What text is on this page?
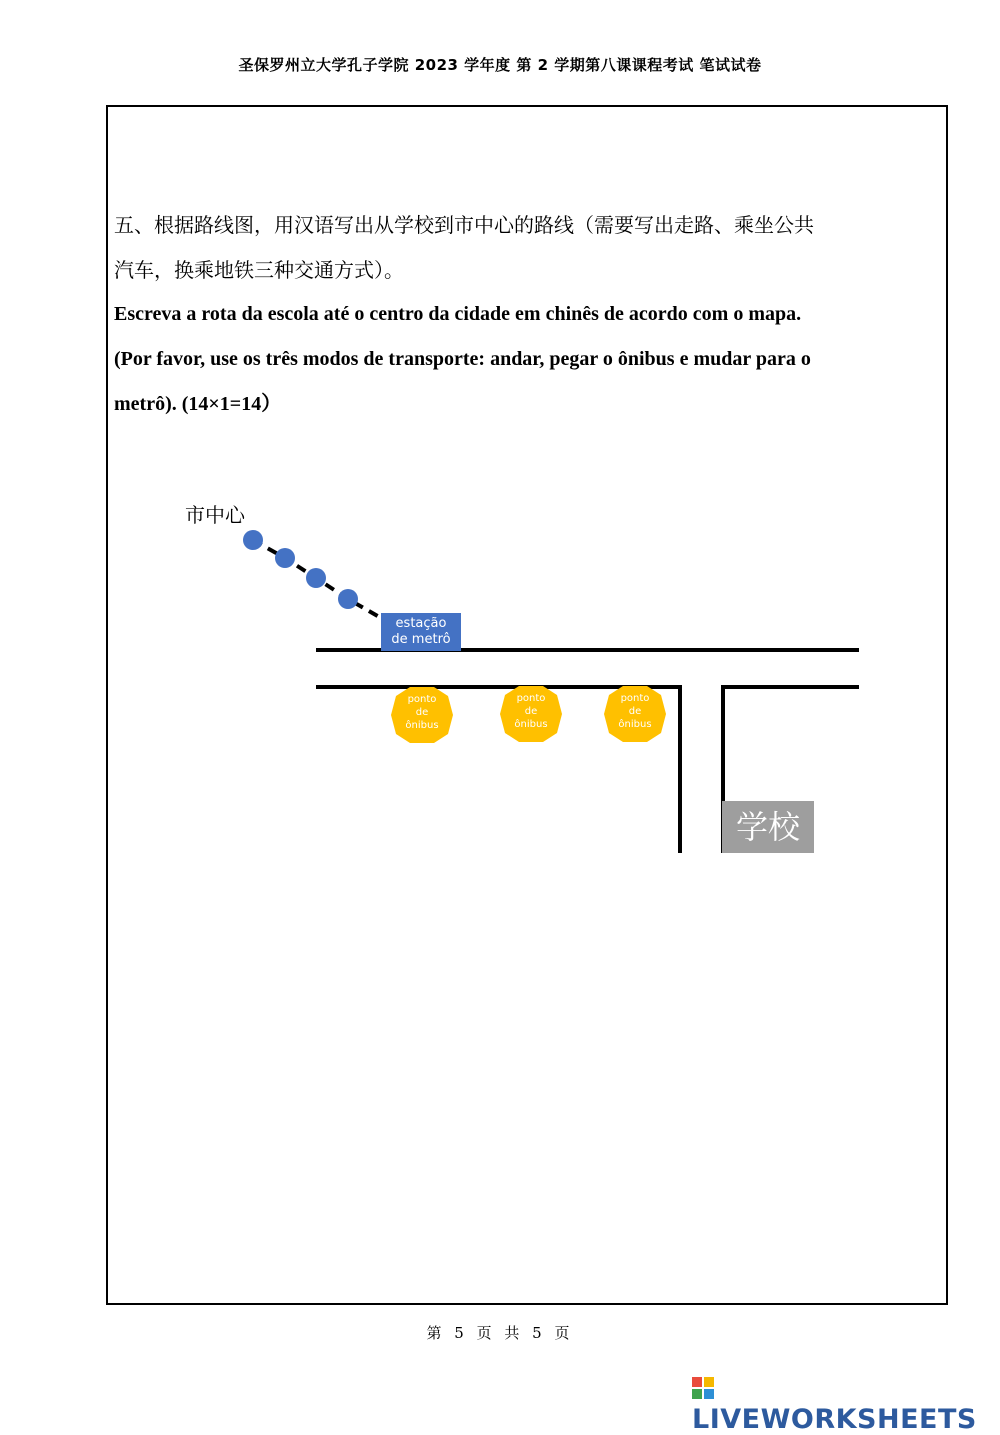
圣保罗州立大学孔子学院 2023 学年度 第 2 学期第八课课程考试 笔试试卷
五、根据路线图，用汉语写出从学校到市中心的路线（需要写出走路、乘坐公共
汽车，换乘地铁三种交通方式）。
Escreva a rota da escola até o centro da cidade em chinês de acordo com o mapa.
(Por favor, use os três modos de transporte: andar, pegar o ônibus e mudar para o
metrô). (14×1=14）
市中心
estação
de metrô
ponto
de
ônibus
ponto
de
ônibus
ponto
de
ônibus
学校
第 5 页 共 5 页
LIVEWORKSHEETS
